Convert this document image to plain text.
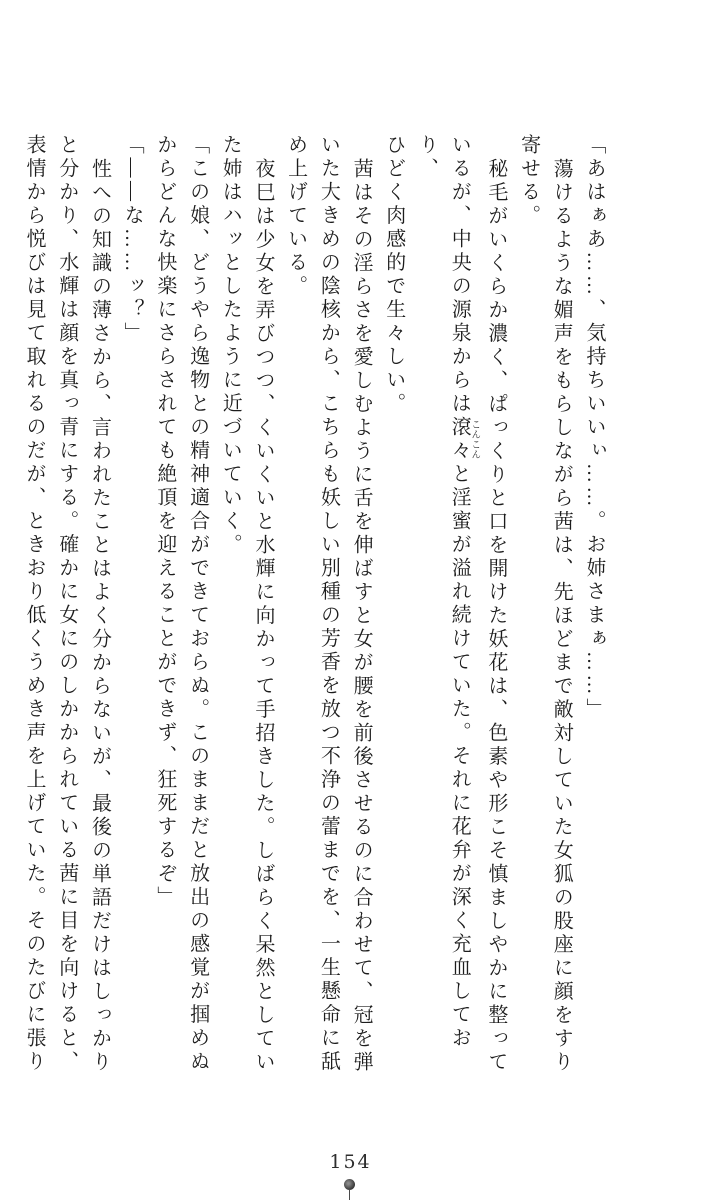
「あはぁあ……、気持ちいいぃ……。お姉さまぁ……」
蕩けるような媚声をもらしながら茜は、先ほどまで敵対していた女狐の股座に顔をすり
寄せる。
秘毛がいくらか濃く、ぱっくりと口を開けた妖花は、色素や形こそ慎ましやかに整って
いるが、中央の源泉からは滾々 こんこんと淫蜜が溢れ続けていた。それに花弁が深く充血しており、
ひどく肉感的で生々しい。
茜はその淫らさを愛しむように舌を伸ばすと女が腰を前後させるのに合わせて、冠を弾
いた大きめの陰核から、こちらも妖しい別種の芳香を放つ不浄の蕾までを、一生懸命に舐
め上げている。
夜巳は少女を弄びつつ、くいくいと水輝に向かって手招きした。しばらく呆然としてい
た姉はハッとしたように近づいていく。
「この娘、どうやら逸物との精神適合ができておらぬ。このままだと放出の感覚が掴めぬ
からどんな快楽にさらされても絶頂を迎えることができず、狂死するぞ」
「——な……ッ？」
性への知識の薄さから、言われたことはよく分からないが、最後の単語だけはしっかり
と分かり、水輝は顔を真っ青にする。確かに女にのしかかられている茜に目を向けると、
表情から悦びは見て取れるのだが、ときおり低くうめき声を上げていた。そのたびに張り
154
